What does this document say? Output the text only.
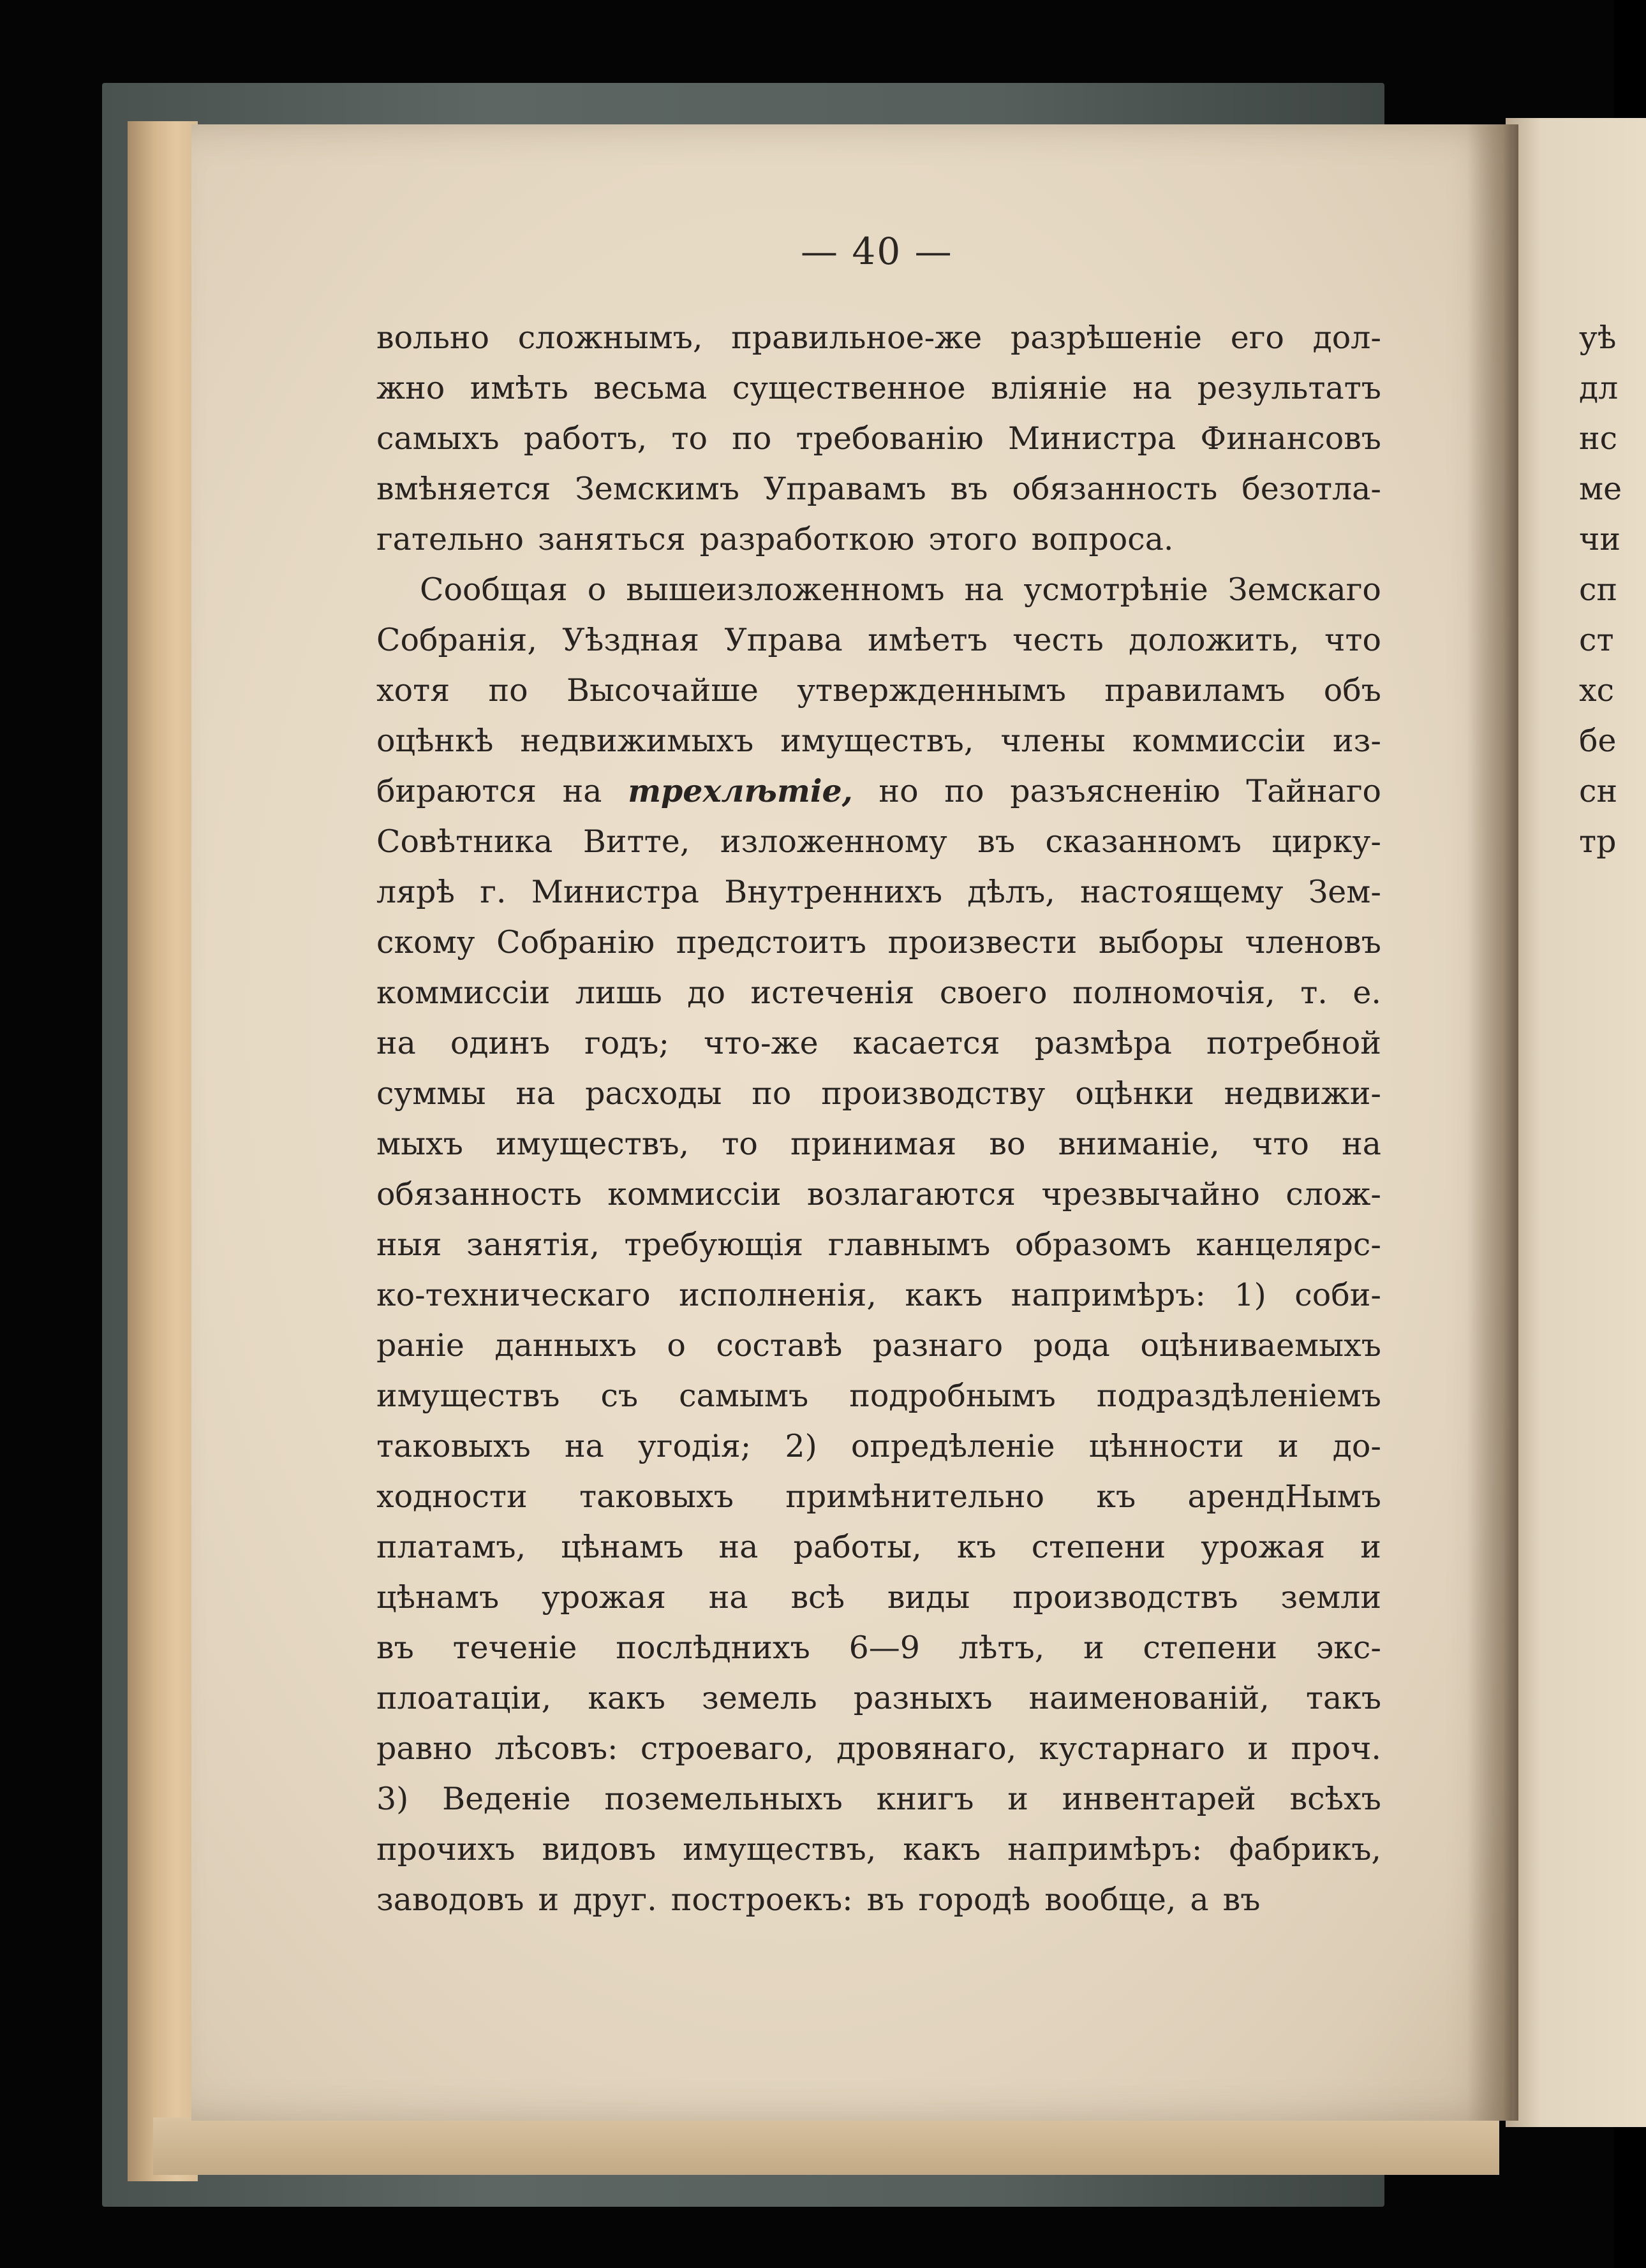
— 40 —
вольно сложнымъ, правильное-же разрѣшеніе его дол-
жно имѣть весьма существенное вліяніе на результатъ
самыхъ работъ, то по требованію Министра Финансовъ
вмѣняется Земскимъ Управамъ въ обязанность безотла-
гательно заняться разработкою этого вопроса.
Сообщая о вышеизложенномъ на усмотрѣніе Земскаго
Собранія, Уѣздная Управа имѣетъ честь доложить, что
хотя по Высочайше утвержденнымъ правиламъ объ
оцѣнкѣ недвижимыхъ имуществъ, члены коммиссіи из-
бираются на трехлѣтіе, но по разъясненію Тайнаго
Совѣтника Витте, изложенному въ сказанномъ цирку-
лярѣ г. Министра Внутреннихъ дѣлъ, настоящему Зем-
скому Собранію предстоитъ произвести выборы членовъ
коммиссіи лишь до истеченія своего полномочія, т. е.
на одинъ годъ; что-же касается размѣра потребной
суммы на расходы по производству оцѣнки недвижи-
мыхъ имуществъ, то принимая во вниманіе, что на
обязанность коммиссіи возлагаются чрезвычайно слож-
ныя занятія, требующія главнымъ образомъ канцелярс-
ко-техническаго исполненія, какъ напримѣръ: 1) соби-
раніе данныхъ о составѣ разнаго рода оцѣниваемыхъ
имуществъ съ самымъ подробнымъ подраздѣленіемъ
таковыхъ на угодія; 2) опредѣленіе цѣнности и до-
ходности таковыхъ примѣнительно къ арендНымъ
платамъ, цѣнамъ на работы, къ степени урожая и
цѣнамъ урожая на всѣ виды производствъ земли
въ теченіе послѣднихъ 6—9 лѣтъ, и степени экс-
плоатаціи, какъ земель разныхъ наименованій, такъ
равно лѣсовъ: строеваго, дровянаго, кустарнаго и проч.
3) Веденіе поземельныхъ книгъ и инвентарей всѣхъ
прочихъ видовъ имуществъ, какъ напримѣръ: фабрикъ,
заводовъ и друг. построекъ: въ городѣ вообще, а въ
уѣ
дл
нс
ме
чи
сп
ст
хс
бе
сн
тр
